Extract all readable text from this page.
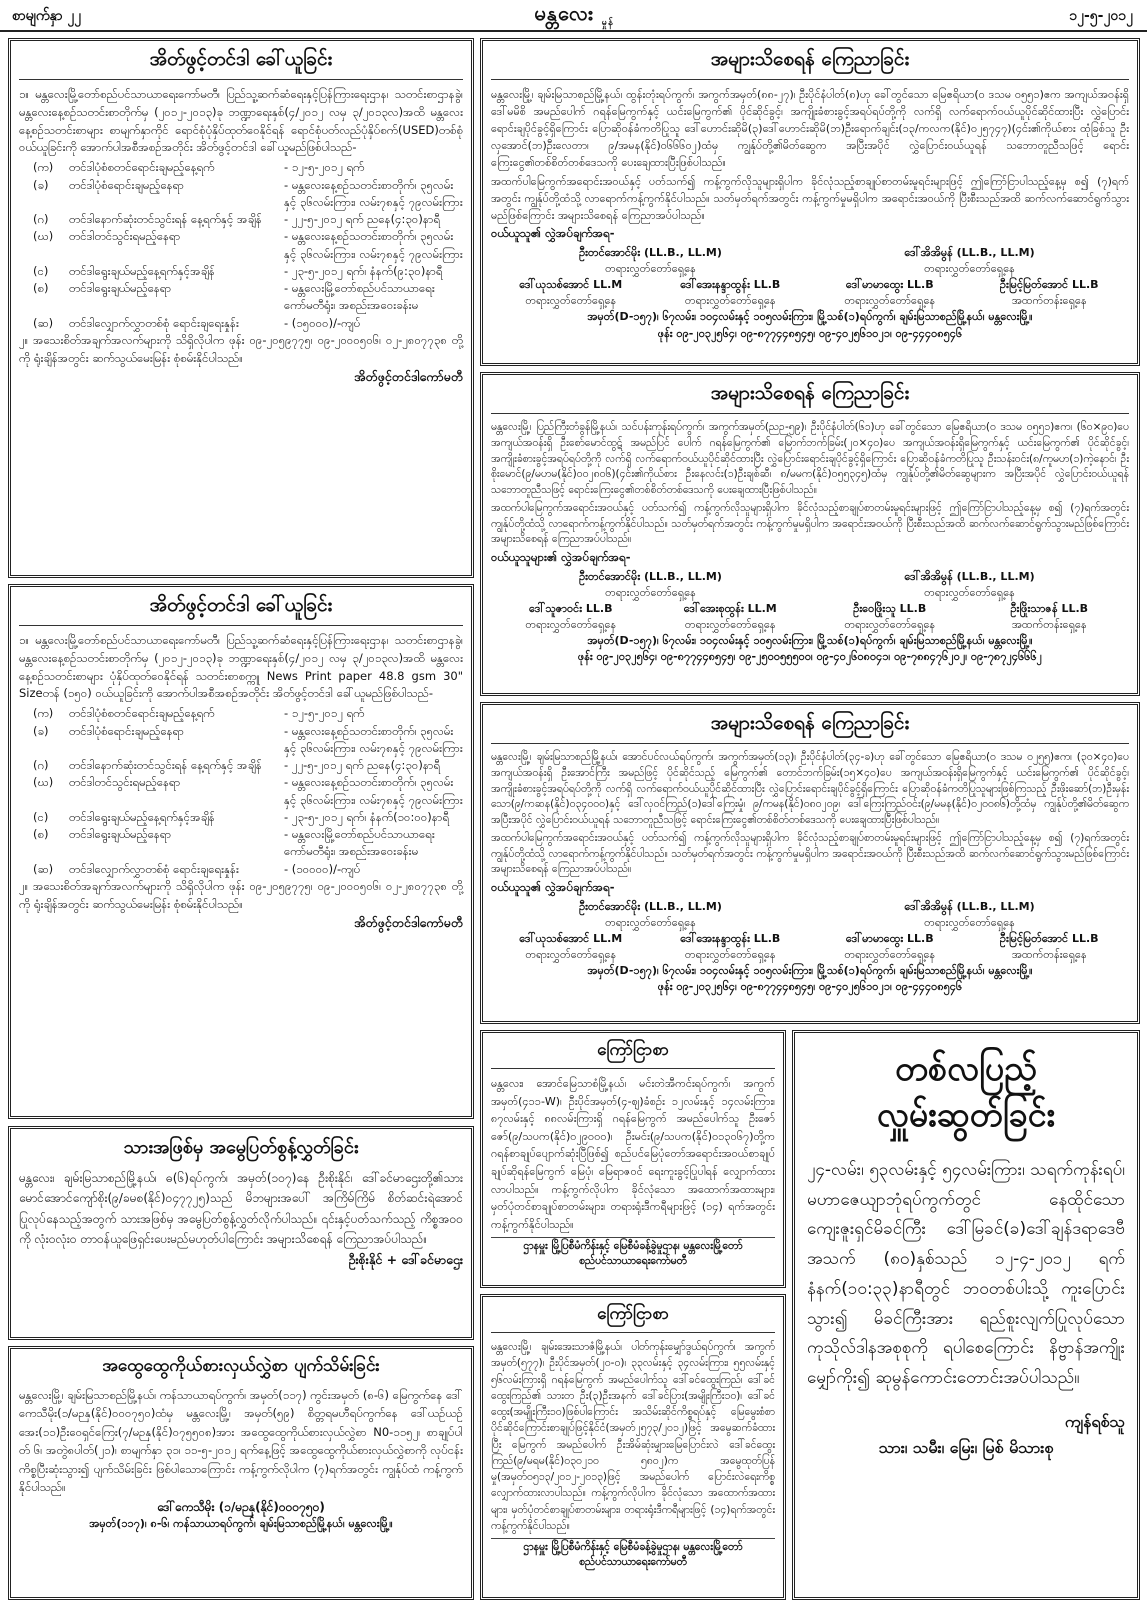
စာမျက်နှာ ၂၂	မန္တလေး မှုန်	၁၂-၅-၂၀၁၂
အိတ်ဖွင့်တင်ဒါ ခေါ်ယူခြင်း

၁။ မန္တလေးမြို့တော်စည်ပင်သာယာရေးကော်မတီ၊ ပြည်သူ့ဆက်ဆံရေးနှင့်ပြန်ကြားရေးဌာန၊ သတင်းစာဌာနခွဲ၊ မန္တလေးနေ့စဉ်သတင်းစာတိုက်မှ (၂၀၁၂-၂၀၁၃)ခု ဘဏ္ဍာရေးနှစ်(၄/၂၀၁၂ လမှ ၃/၂၀၁၃လ)အထိ မန္တလေးနေ့စဉ်သတင်းစာများ စာမျက်နှာကိုင် ရောင်စုံပုံနှိပ်ထုတ်ဝေနိုင်ရန် ရောင်စုံပတ်လည်ပုံနှိပ်စက်(USED)တစ်စုံဝယ်ယူခြင်းကို အောက်ပါအစီအစဉ်အတိုင်း အိတ်ဖွင့်တင်ဒါ ခေါ်ယူမည်ဖြစ်ပါသည်-

(က)	တင်ဒါပုံစံစတင်ရောင်းချမည့်နေ့ရက်	- ၁၂-၅-၂၀၁၂ ရက်
(ခ)	တင်ဒါပုံစံရောင်းချမည့်နေရာ	- မန္တလေးနေ့စဉ်သတင်းစာတိုက်၊ ၃၅လမ်းနှင့် ၃၆လမ်းကြား၊ လမ်း၇၈နှင့် ၇၉လမ်းကြား
(ဂ)	တင်ဒါနောက်ဆုံးတင်သွင်းရန် နေ့ရက်နှင့် အချိန်	- ၂၂-၅-၂၀၁၂ ရက် ညနေ(၄:၃၀)နာရီ
(ဃ)	တင်ဒါတင်သွင်းရမည့်နေရာ	- မန္တလေးနေ့စဉ်သတင်းစာတိုက်၊ ၃၅လမ်းနှင့် ၃၆လမ်းကြား၊ လမ်း၇၈နှင့် ၇၉လမ်းကြား
(င)	တင်ဒါရွေးချယ်မည့်နေ့ရက်နှင့်အချိန်	- ၂၃-၅-၂၀၁၂ ရက်၊ နံနက်(၉:၃၀)နာရီ
(စ)	တင်ဒါရွေးချယ်မည့်နေရာ	- မန္တလေးမြို့တော်စည်ပင်သာယာရေးကော်မတီရုံး၊ အစည်းအဝေးခန်းမ
(ဆ)	တင်ဒါလျှောက်လွှာတစ်စုံ ရောင်းချရေးနှုန်း	- (၁၅၀၀၀)/-ကျပ်

၂။ အသေးစိတ်အချက်အလက်များကို သိရှိလိုပါက ဖုန်း ၀၉-၂၀၅၉၇၇၅၊ ၀၉-၂၀၀၀၅၀၆၊ ၀၂-၂၈၀၇၇၃၈ တို့ကို ရုံးချိန်အတွင်း ဆက်သွယ်မေးမြန်း စုံစမ်းနိုင်ပါသည်။

အိတ်ဖွင့်တင်ဒါကော်မတီ
အိတ်ဖွင့်တင်ဒါ ခေါ်ယူခြင်း

၁။ မန္တလေးမြို့တော်စည်ပင်သာယာရေးကော်မတီ၊ ပြည်သူ့ဆက်ဆံရေးနှင့်ပြန်ကြားရေးဌာန၊ သတင်းစာဌာနခွဲ၊ မန္တလေးနေ့စဉ်သတင်းစာတိုက်မှ (၂၀၁၂-၂၀၁၃)ခု ဘဏ္ဍာရေးနှစ်(၄/၂၀၁၂ လမှ ၃/၂၀၁၃လ)အထိ မန္တလေးနေ့စဉ်သတင်းစာများ ပုံနှိပ်ထုတ်ဝေနိုင်ရန် သတင်းစာစက္ကူ News Print paper 48.8 gsm 30" Sizeတန် (၁၅၀) ဝယ်ယူခြင်းကို အောက်ပါအစီအစဉ်အတိုင်း အိတ်ဖွင့်တင်ဒါ ခေါ်ယူမည်ဖြစ်ပါသည်-

(က)	တင်ဒါပုံစံစတင်ရောင်းချမည့်နေ့ရက်	- ၁၂-၅-၂၀၁၂ ရက်
(ခ)	တင်ဒါပုံစံရောင်းချမည့်နေရာ	- မန္တလေးနေ့စဉ်သတင်းစာတိုက်၊ ၃၅လမ်းနှင့် ၃၆လမ်းကြား၊ လမ်း၇၈နှင့် ၇၉လမ်းကြား
(ဂ)	တင်ဒါနောက်ဆုံးတင်သွင်းရန် နေ့ရက်နှင့် အချိန်	- ၂၂-၅-၂၀၁၂ ရက် ညနေ(၄:၃၀)နာရီ
(ဃ)	တင်ဒါတင်သွင်းရမည့်နေရာ	- မန္တလေးနေ့စဉ်သတင်းစာတိုက်၊ ၃၅လမ်းနှင့် ၃၆လမ်းကြား၊ လမ်း၇၈နှင့် ၇၉လမ်းကြား
(င)	တင်ဒါရွေးချယ်မည့်နေ့ရက်နှင့်အချိန်	- ၂၃-၅-၂၀၁၂ ရက်၊ နံနက်(၁၀:၀၀)နာရီ
(စ)	တင်ဒါရွေးချယ်မည့်နေရာ	- မန္တလေးမြို့တော်စည်ပင်သာယာရေးကော်မတီရုံး၊ အစည်းအဝေးခန်းမ
(ဆ)	တင်ဒါလျှောက်လွှာတစ်စုံ ရောင်းချရေးနှုန်း	- (၁၀၀၀၀)/-ကျပ်

၂။ အသေးစိတ်အချက်အလက်များကို သိရှိလိုပါက ဖုန်း ၀၉-၂၀၅၉၇၇၅၊ ၀၉-၂၀၀၀၅၀၆၊ ၀၂-၂၈၀၇၇၃၈ တို့ကို ရုံးချိန်အတွင်း ဆက်သွယ်မေးမြန်း စုံစမ်းနိုင်ပါသည်။

အိတ်ဖွင့်တင်ဒါကော်မတီ
သားအဖြစ်မှ အမွေပြတ်စွန့်လွှတ်ခြင်း

မန္တလေး၊ ချမ်းမြသာစည်မြို့နယ်၊ ဓ(၆)ရပ်ကွက်၊ အမှတ်(၁၀၇)နေ ဦးစိုးနိုင်၊ ဒေါ်ခင်မာဌေးတို့၏သား မောင်အောင်ကျော်စိုး(၉/ခမစ(နိုင်)၀၄၇၇၂၅)သည် မိဘများအပေါ် အကြိမ်ကြိမ် စိတ်ဆင်းရဲအောင်ပြုလုပ်နေသည့်အတွက် သားအဖြစ်မှ အမွေပြတ်စွန့်လွှတ်လိုက်ပါသည်။ ၎င်းနှင့်ပတ်သက်သည့် ကိစ္စအဝဝကို လုံးဝလုံးဝ တာဝန်ယူဖြေရှင်းပေးမည်မဟုတ်ပါကြောင်း အများသိစေရန် ကြေညာအပ်ပါသည်။

ဦးစိုးနိုင် + ဒေါ်ခင်မာဌေး
အထွေထွေကိုယ်စားလှယ်လွှဲစာ ပျက်သိမ်းခြင်း

မန္တလေးမြို့၊ ချမ်းမြသာစည်မြို့နယ်၊ ကန်သာယာရပ်ကွက်၊ အမှတ်(၁၁၇) ကွင်းအမှတ် (၈-၆) မြေကွက်နေ ဒေါ်ကေသီမိုး(၁/မဉနှ(နိုင်)၀၀၀၇၅၀)ထံမှ မန္တလေးမြို့၊ အမှတ်(၅၉) စိတ္တရမဟီရပ်ကွက်နေ ဒေါ်ယဉ်ယဉ်အေး(၁၁)ဦးဝေရှင်ကြေး(၇/မဉနှ(နိုင်)၀၇၅၅၀၈)အား အထွေထွေကိုယ်စားလှယ်လွှဲစာ N0-၁၁၅၂၊ စာချုပ်ပါတ် ၆၊ အတွဲ၈ပါတ်(၂၁)၊ စာမျက်နှာ ၃၁၊ ၁၁-၅-၂၀၁၂ ရက်နေ့ဖြင့် အထွေထွေကိုယ်စားလှယ်လွှဲစာကို လုပ်ငန်းကိစ္စပြီးဆုံးသွား၍ ပျက်သိမ်းခြင်း ဖြစ်ပါသောကြောင်း ကန့်ကွက်လိုပါက (၇)ရက်အတွင်း ကျွန်ုပ်ထံ ကန့်ကွက်နိုင်ပါသည်။

ဒေါ်ကေသီမိုး (၁/မဉနှ(နိုင်)၀၀၀၇၅၀)
အမှတ်(၁၁၇)၊ ၈-၆၊ ကန်သာယာရပ်ကွက်၊ ချမ်းမြသာစည်မြို့နယ်၊ မန္တလေးမြို့။
အများသိစေရန် ကြေညာခြင်း

မန္တလေးမြို့၊ ချမ်းမြသာစည်မြို့နယ်၊ ထွန်းတုံးရပ်ကွက်၊ အကွက်အမှတ်(၈၈-၂၇)၊ ဦးပိုင်နံပါတ်(၈)ဟု ခေါ်တွင်သော မြေဧရိယာ(၀ ဒသမ ၀၅၅၁)ဧက အကျယ်အဝန်းရှိ ဒေါ်မမိစိ အမည်ပေါက် ဂရန်မြေကွက်နှင့် ယင်းမြေကွက်၏ ပိုင်ဆိုင်ခွင့်၊ အကျိုးခံစားခွင့်အရပ်ရပ်တို့ကို လက်ရှိ လက်ရောက်ဝယ်ယူပိုင်ဆိုင်ထားပြီး လွှဲပြောင်းရောင်းချပိုင်ခွင့်ရှိကြောင်း ပြောဆိုဝန်ခံကတိပြုသူ ဒေါ်ဟောင်းဆိုမိ(၃)ဒေါ်ဟောင်းဆိုမိ(ဘ)ဦးရောက်ချင်း(၁၃/ကလက(နိုင်)၀၂၅၇၄၇)(၄င်း၏ကိုယ်စား ထုံခြစ်သူ ဦးလှအောင်(ဘ)ဦးလေတာ၊ ၉/အမန(နိုင်)၀၆၆၆၀၂)ထံမှ ကျွန်ုပ်တို့၏မိတ်ဆွေက အပြီးအပိုင် လွှဲပြောင်းဝယ်ယူရန် သဘောတူညီသဖြင့် ရောင်းကြေးငွေ၏တစ်စိတ်တစ်ဒေသကို ပေးချေထားပြီးဖြစ်ပါသည်။

အထက်ပါမြေကွက်အရောင်းအဝယ်နှင့် ပတ်သက်၍ ကန့်ကွက်လိုသူများရှိပါက ခိုင်လုံသည့်စာချုပ်စာတမ်းမူရင်းများဖြင့် ဤကြော်ငြာပါသည့်နေ့မှ စ၍ (၇)ရက်အတွင်း ကျွန်ုပ်တို့ထံသို့ လာရောက်ကန့်ကွက်နိုင်ပါသည်။ သတ်မှတ်ရက်အတွင်း ကန့်ကွက်မှုမရှိပါက အရောင်းအဝယ်ကို ပြီးစီးသည်အထိ ဆက်လက်ဆောင်ရွက်သွားမည်ဖြစ်ကြောင်း အများသိစေရန် ကြေညာအပ်ပါသည်။

ဝယ်ယူသူ၏ လွှဲအပ်ချက်အရ-
ဦးတင်အောင်မိုး (LL.B., LL.M)
တရားလွှတ်တော်ရှေ့နေ
ဒေါ်အိအိမွန် (LL.B., LL.M)
တရားလွှတ်တော်ရှေ့နေ
ဒေါ်ယုသစ်အောင် LL.M
တရားလွှတ်တော်ရှေ့နေ
ဒေါ်အေးနန္ဒာထွန်း LL.B
တရားလွှတ်တော်ရှေ့နေ
ဒေါ်မာမာထွေး LL.B
တရားလွှတ်တော်ရှေ့နေ
ဦးမြင့်မြတ်အောင် LL.B
အထက်တန်းရှေ့နေ
အမှတ်(D-၁၅၇)၊ ၆၇လမ်း၊ ၁၀၄လမ်းနှင့် ၁၀၅လမ်းကြား၊ မြို့သစ်(၁)ရပ်ကွက်၊ ချမ်းမြသာစည်မြို့နယ်၊ မန္တလေးမြို့။
ဖုန်း ၀၉-၂၀၃၂၅၆၄၊ ၀၉-၈၇၇၄၄၈၅၄၅၊ ၀၉-၄၀၂၅၆၁၀၂၁၊ ၀၉-၄၄၄၀၈၅၄၆
အများသိစေရန် ကြေညာခြင်း

မန္တလေးမြို့၊ ပြည်ကြီးတံခွန်မြို့နယ်၊ သင်ပန်းကုန်းရပ်ကွက်၊ အကွက်အမှတ်(ညဉ-၅၉)၊ ဦးပိုင်နံပါတ်(၆၁)ဟု ခေါ်တွင်သော မြေဧရိယာ(၀ ဒသမ ၀၅၅၁)ဧက၊ (၆၀×၉၀)ပေ အကျယ်အဝန်းရှိ ဦးစော်မောင်ထွဋ် အမည်ပြင် ပေါက် ဂရန်မြေကွက်၏ မြောက်ဘက်ခြမ်း(၂၀×၄၀)ပေ အကျယ်အဝန်းရှိမြေကွက်နှင့် ယင်းမြေကွက်၏ ပိုင်ဆိုင်ခွင့်၊ အကျိုးခံစားခွင့်အရပ်ရပ်တို့ကို လက်ရှိ လက်ရောက်ဝယ်ယူပိုင်ဆိုင်ထားပြီး လွှဲပြောင်းရောင်းချပိုင်ခွင့်ရှိကြောင်း ပြောဆိုဝန်ခံကတိပြုသူ ဦးသန်းဝင်း(၈/ကူမဟ(၁)ကဲ့နောင်၊ ဦးစိုးမောင်(၉/မဟမ(နိုင်)၀၀၂၈၀၆)(၄င်း၏ကိုယ်စား ဦးနေလင်း(၁)ဦးချစ်ဆီ၊ ၈/မမက(နိုင်)၀၅၅၃၄၅)ထံမှ ကျွန်ုပ်တို့၏မိတ်ဆွေများက အပြီးအပိုင် လွှဲပြောင်းဝယ်ယူရန် သဘောတူညီသဖြင့် ရောင်းကြေးငွေ၏တစ်စိတ်တစ်ဒေသကို ပေးချေထားပြီးဖြစ်ပါသည်။

အထက်ပါမြေကွက်အရောင်းအဝယ်နှင့် ပတ်သက်၍ ကန့်ကွက်လိုသူများရှိပါက ခိုင်လုံသည့်စာချုပ်စာတမ်းမူရင်းများဖြင့် ဤကြော်ငြာပါသည့်နေ့မှ စ၍ (၇)ရက်အတွင်း ကျွန်ုပ်တို့ထံသို့ လာရောက်ကန့်ကွက်နိုင်ပါသည်။ သတ်မှတ်ရက်အတွင်း ကန့်ကွက်မှုမရှိပါက အရောင်းအဝယ်ကို ပြီးစီးသည်အထိ ဆက်လက်ဆောင်ရွက်သွားမည်ဖြစ်ကြောင်း အများသိစေရန် ကြေညာအပ်ပါသည်။

ဝယ်ယူသူများ၏ လွှဲအပ်ချက်အရ-
ဦးတင်အောင်မိုး (LL.B., LL.M)
တရားလွှတ်တော်ရှေ့နေ
ဒေါ်အိအိမွန် (LL.B., LL.M)
တရားလွှတ်တော်ရှေ့နေ
ဒေါ်သူဇာဝင်း LL.B
တရားလွှတ်တော်ရှေ့နေ
ဒေါ်အေးစုထွန်း LL.M
တရားလွှတ်တော်ရှေ့နေ
ဦးဝေဖြိုးသူ LL.B
တရားလွှတ်တော်ရှေ့နေ
ဦးဖြိုးသာဇန် LL.B
အထက်တန်းရှေ့နေ
အမှတ်(D-၁၅၇)၊ ၆၇လမ်း၊ ၁၀၄လမ်းနှင့် ၁၀၅လမ်းကြား၊ မြို့သစ်(၁)ရပ်ကွက်၊ ချမ်းမြသာစည်မြို့နယ်၊ မန္တလေးမြို့။
ဖုန်း ၀၉-၂၀၃၂၅၆၄၊ ၀၉-၈၇၇၄၄၈၅၄၅၊ ၀၉-၂၅၀၀၅၅၅၀၀၊ ၀၉-၄၀၂၆၀၈၀၄၁၊ ၀၉-၇၈၈၄၇၆၂၀၂၊ ၀၉-၇၈၇၂၄၆၆၆၂
အများသိစေရန် ကြေညာခြင်း

မန္တလေးမြို့၊ ချမ်းမြသာစည်မြို့နယ်၊ အောင်ပင်လယ်ရပ်ကွက်၊ အကွက်အမှတ်(၁၃)၊ ဦးပိုင်နံပါတ်(၃၄-ခ)ဟု ခေါ်တွင်သော မြေဧရိယာ(၀ ဒသမ ၀၂၅၅)ဧက၊ (၃၀×၄၀)ပေ အကျယ်အဝန်းရှိ ဦးအောင်ကြီး အမည်ဖြင့် ပိုင်ဆိုင်သည့် မြေကွက်၏ တောင်ဘက်ခြမ်း(၁၅×၄၀)ပေ အကျယ်အဝန်းရှိမြေကွက်နှင့် ယင်းမြေကွက်၏ ပိုင်ဆိုင်ခွင့်၊ အကျိုးခံစားခွင့်အရပ်ရပ်တို့ကို လက်ရှိ လက်ရောက်ဝယ်ယူပိုင်ဆိုင်ထားပြီး လွှဲပြောင်းရောင်းချပိုင်ခွင့်ရှိကြောင်း ပြောဆိုဝန်ခံကတိပြုသူများဖြစ်ကြသည့် ဦးဖိုးဆော်(ဘ)ဦးမှန်းသော(၉/ကဆန(နိုင်)၀၃၄၀၀၀)နှင့် ဒေါ်လှဝင်ကြည်(၁)ဒေါ်ကြေးမှုံ၊ ၉/ကမန(နိုင်)၀၈၀၂၀၉၊ ဒေါ်ကြေးကြည်ဝင်း(၉/မမန(နိုင်)၀၂၀၀၈၆)တို့ထံမှ ကျွန်ုပ်တို့၏မိတ်ဆွေက အပြီးအပိုင် လွှဲပြောင်းဝယ်ယူရန် သဘောတူညီသဖြင့် ရောင်းကြေးငွေ၏တစ်စိတ်တစ်ဒေသကို ပေးချေထားပြီးဖြစ်ပါသည်။

အထက်ပါမြေကွက်အရောင်းအဝယ်နှင့် ပတ်သက်၍ ကန့်ကွက်လိုသူများရှိပါက ခိုင်လုံသည့်စာချုပ်စာတမ်းမူရင်းများဖြင့် ဤကြော်ငြာပါသည့်နေ့မှ စ၍ (၇)ရက်အတွင်း ကျွန်ုပ်တို့ထံသို့ လာရောက်ကန့်ကွက်နိုင်ပါသည်။ သတ်မှတ်ရက်အတွင်း ကန့်ကွက်မှုမရှိပါက အရောင်းအဝယ်ကို ပြီးစီးသည်အထိ ဆက်လက်ဆောင်ရွက်သွားမည်ဖြစ်ကြောင်း အများသိစေရန် ကြေညာအပ်ပါသည်။

ဝယ်ယူသူ၏ လွှဲအပ်ချက်အရ-
ဦးတင်အောင်မိုး (LL.B., LL.M)
တရားလွှတ်တော်ရှေ့နေ
ဒေါ်အိအိမွန် (LL.B., LL.M)
တရားလွှတ်တော်ရှေ့နေ
ဒေါ်ယုသစ်အောင် LL.M
တရားလွှတ်တော်ရှေ့နေ
ဒေါ်အေးနန္ဒာထွန်း LL.B
တရားလွှတ်တော်ရှေ့နေ
ဒေါ်မာမာထွေး LL.B
တရားလွှတ်တော်ရှေ့နေ
ဦးမြင့်မြတ်အောင် LL.B
အထက်တန်းရှေ့နေ
အမှတ်(D-၁၅၇)၊ ၆၇လမ်း၊ ၁၀၄လမ်းနှင့် ၁၀၅လမ်းကြား၊ မြို့သစ်(၁)ရပ်ကွက်၊ ချမ်းမြသာစည်မြို့နယ်၊ မန္တလေးမြို့။
ဖုန်း ၀၉-၂၀၃၂၅၆၄၊ ၀၉-၈၇၇၄၄၈၅၄၅၊ ၀၉-၄၀၂၅၆၁၀၂၁၊ ၀၉-၄၄၄၀၈၅၄၆
ကြော်ငြာစာ

မန္တလေး၊ အောင်မြေသာစံမြို့နယ်၊ မင်းတဲအီကင်းရပ်ကွက်၊ အကွက်အမှတ်(၄၁၁-W)၊ ဦးပိုင်အမှတ်(၄-ဈ)ခံစဉ်း ၁၂လမ်းနှင့် ၁၄လမ်းကြား၊ ၈၇လမ်းနှင့် ၈၈လမ်းကြားရှိ ဂရန်မြေကွက် အမည်ပေါက်သူ ဦးဇော်ဇော်(၉/သပက(နိုင်)၀၂၉၀၀၀)၊ ဦးမင်း(၉/သပက(နိုင်)၀၁၃၀၆၇)တို့က ဂရန်စာချုပ်ပျောက်ဆုံးပြီဖြစ်၍ စည်ပင်မြေပုံတော်အရောင်းအဝယ်စာချုပ် ချုပ်ဆိုရန်မြေကွက် မြေပုံ၊ မြေရာဇဝင် ရေးကူးခွင့်ပြုပါရန် လျှောက်ထားလာပါသည်။ ကန့်ကွက်လိုပါက ခိုင်လုံသော အထောက်အထားများ၊ မှတ်ပုံတင်စာချုပ်စာတမ်းများ၊ တရားရုံးဒီကရီများဖြင့် (၁၄) ရက်အတွင်း ကန့်ကွက်နိုင်ပါသည်။

ဌာနမှူး မြို့ပြစီမံကိန်းနှင့် မြေစီမံခန့်ခွဲမှုဌာန၊ မန္တလေးမြို့တော်စည်ပင်သာယာရေးကော်မတီ
ကြော်ငြာစာ

မန္တလေးမြို့၊ ချမ်းအေးသာဇံမြို့နယ်၊ ပါတ်ကုန်းမျှော်ဒွယ်ရပ်ကွက်၊ အကွက်အမှတ်(၅၇၇)၊ ဦးပိုင်အမှတ်(၂၀-ဝ)၊ ၃၃လမ်းနှင့် ၃၄လမ်းကြား၊ ၅၅လမ်းနှင့် ၅၆လမ်းကြားရှိ ဂရန်မြေကွက် အမည်ပေါက်သူ ဒေါ်ခင်ထွေးကြည်၊ ဒေါ်ခင်ထွေးကြည်၏ သားတ ဦး(၃)ဦးအနက် ဒေါ်ခင်ပြား(အမျိုးကြီး၁၀)၊ ဒေါ်ခင်ထွေး(အမျိုးကြီး၁၀)ဖြစ်ပါကြောင်း အသိမ်းဆိုင်ကိစ္စရပ်နှင့် မြေမွေးစံစာ ပိုင်ဆိုင်ကြောင်းစာချုပ်ဖြင့်နိုင်ငံ(အမှတ်၂၅၇၃/၂၀၁၂)ဖြင့် အမွေဆက်ခံထားပြီး မြေကွက် အမည်ပေါက် ဦးအိမ်ဆုံးမျှားမြေပြောင်းလဲ ဒေါ်ခင်ထွေးကြည်(၉/မရမ(နိုင်)၀၃၀၂၁၀ ၅၈၀၂)က အမွေထုတ်ပြန်မှု(အမှတ်၀၅၁၃/၂၀၁၂-၂၀၁၃)ဖြင့် အမည်ပေါက် ပြောင်းလဲရေးကိစ္စ လျှောက်ထားလာပါသည်။ ကန့်ကွက်လိုပါက ခိုင်လုံသော အထောက်အထားများ၊ မှတ်ပုံတင်စာချုပ်စာတမ်းများ၊ တရားရုံးဒီကရီများဖြင့် (၁၄)ရက်အတွင်း ကန့်ကွက်နိုင်ပါသည်။

ဌာနမှူး မြို့ပြစီမံကိန်းနှင့် မြေစီမံခန့်ခွဲမှုဌာန၊ မန္တလေးမြို့တော်စည်ပင်သာယာရေးကော်မတီ
တစ်လပြည့်
လှူမ်းဆွတ်ခြင်း

၂၄-လမ်း၊ ၅၃လမ်းနှင့် ၅၄လမ်းကြား၊ သရက်ကုန်းရပ်၊ မဟာဇေယျာဘုံရပ်ကွက်တွင် နေထိုင်သော ကျေးဇူးရှင်မိခင်ကြီး ဒေါ်မြခင်(ခ)ဒေါ်ချန်ဒရာဒေဗီ အသက် (၈၀)နှစ်သည် ၁၂-၄-၂၀၁၂ ရက် နံနက်(၁၀:၃၃)နာရီတွင် ဘဝတစ်ပါးသို့ ကူးပြောင်းသွား၍ မိခင်ကြီးအား ရည်စူးလျက်ပြုလုပ်သော ကုသိုလ်ဒါနအစုစုကို ရပါစေကြောင်း နိဗ္ဗာန်အကျိုး မျှော်ကိုး၍ ဆုမွန်ကောင်းတောင်းအပ်ပါသည်။

ကျန်ရစ်သူ
သား၊ သမီး၊ မြေး၊ မြစ် မိသားစု
